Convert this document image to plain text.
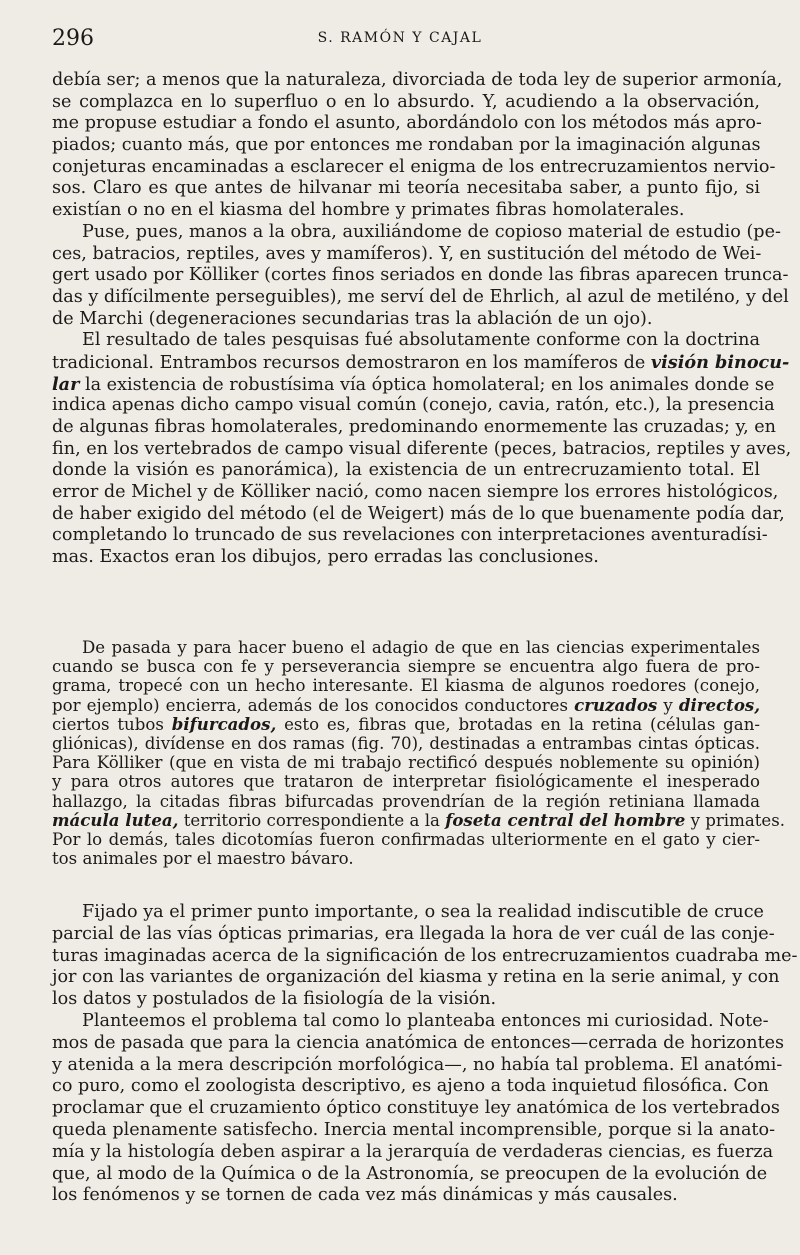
296	S. RAMÓN Y CAJAL
debía ser; a menos que la naturaleza, divorciada de toda ley de superior armonía,
se complazca en lo superfluo o en lo absurdo. Y, acudiendo a la observación,
me propuse estudiar a fondo el asunto, abordándolo con los métodos más apro-
piados; cuanto más, que por entonces me rondaban por la imaginación algunas
conjeturas encaminadas a esclarecer el enigma de los entrecruzamientos nervio-
sos. Claro es que antes de hilvanar mi teoría necesitaba saber, a punto fijo, si
existían o no en el kiasma del hombre y primates fibras homolaterales.
Puse, pues, manos a la obra, auxiliándome de copioso material de estudio (pe-
ces, batracios, reptiles, aves y mamíferos). Y, en sustitución del método de Wei-
gert usado por Kölliker (cortes finos seriados en donde las fibras aparecen trunca-
das y difícilmente perseguibles), me serví del de Ehrlich, al azul de metiléno, y del
de Marchi (degeneraciones secundarias tras la ablación de un ojo).
El resultado de tales pesquisas fué absolutamente conforme con la doctrina
tradicional. Entrambos recursos demostraron en los mamíferos de visión binocu-
lar la existencia de robustísima vía óptica homolateral; en los animales donde se
indica apenas dicho campo visual común (conejo, cavia, ratón, etc.), la presencia
de algunas fibras homolaterales, predominando enormemente las cruzadas; y, en
fin, en los vertebrados de campo visual diferente (peces, batracios, reptiles y aves,
donde la visión es panorámica), la existencia de un entrecruzamiento total. El
error de Michel y de Kölliker nació, como nacen siempre los errores histológicos,
de haber exigido del método (el de Weigert) más de lo que buenamente podía dar,
completando lo truncado de sus revelaciones con interpretaciones aventuradísi-
mas. Exactos eran los dibujos, pero erradas las conclusiones.
De pasada y para hacer bueno el adagio de que en las ciencias experimentales
cuando se busca con fe y perseverancia siempre se encuentra algo fuera de pro-
grama, tropecé con un hecho interesante. El kiasma de algunos roedores (conejo,
por ejemplo) encierra, además de los conocidos conductores cruzados y directos,
ciertos tubos bifurcados, esto es, fibras que, brotadas en la retina (células gan-
gliónicas), divídense en dos ramas (fig. 70), destinadas a entrambas cintas ópticas.
Para Kölliker (que en vista de mi trabajo rectificó después noblemente su opinión)
y para otros autores que trataron de interpretar fisiológicamente el inesperado
hallazgo, la citadas fibras bifurcadas provendrían de la región retiniana llamada
mácula lutea, territorio correspondiente a la foseta central del hombre y primates.
Por lo demás, tales dicotomías fueron confirmadas ulteriormente en el gato y cier-
tos animales por el maestro bávaro.
Fijado ya el primer punto importante, o sea la realidad indiscutible de cruce
parcial de las vías ópticas primarias, era llegada la hora de ver cuál de las conje-
turas imaginadas acerca de la significación de los entrecruzamientos cuadraba me-
jor con las variantes de organización del kiasma y retina en la serie animal, y con
los datos y postulados de la fisiología de la visión.
Planteemos el problema tal como lo planteaba entonces mi curiosidad. Note-
mos de pasada que para la ciencia anatómica de entonces—cerrada de horizontes
y atenida a la mera descripción morfológica—, no había tal problema. El anatómi-
co puro, como el zoologista descriptivo, es ajeno a toda inquietud filosófica. Con
proclamar que el cruzamiento óptico constituye ley anatómica de los vertebrados
queda plenamente satisfecho. Inercia mental incomprensible, porque si la anato-
mía y la histología deben aspirar a la jerarquía de verdaderas ciencias, es fuerza
que, al modo de la Química o de la Astronomía, se preocupen de la evolución de
los fenómenos y se tornen de cada vez más dinámicas y más causales.
